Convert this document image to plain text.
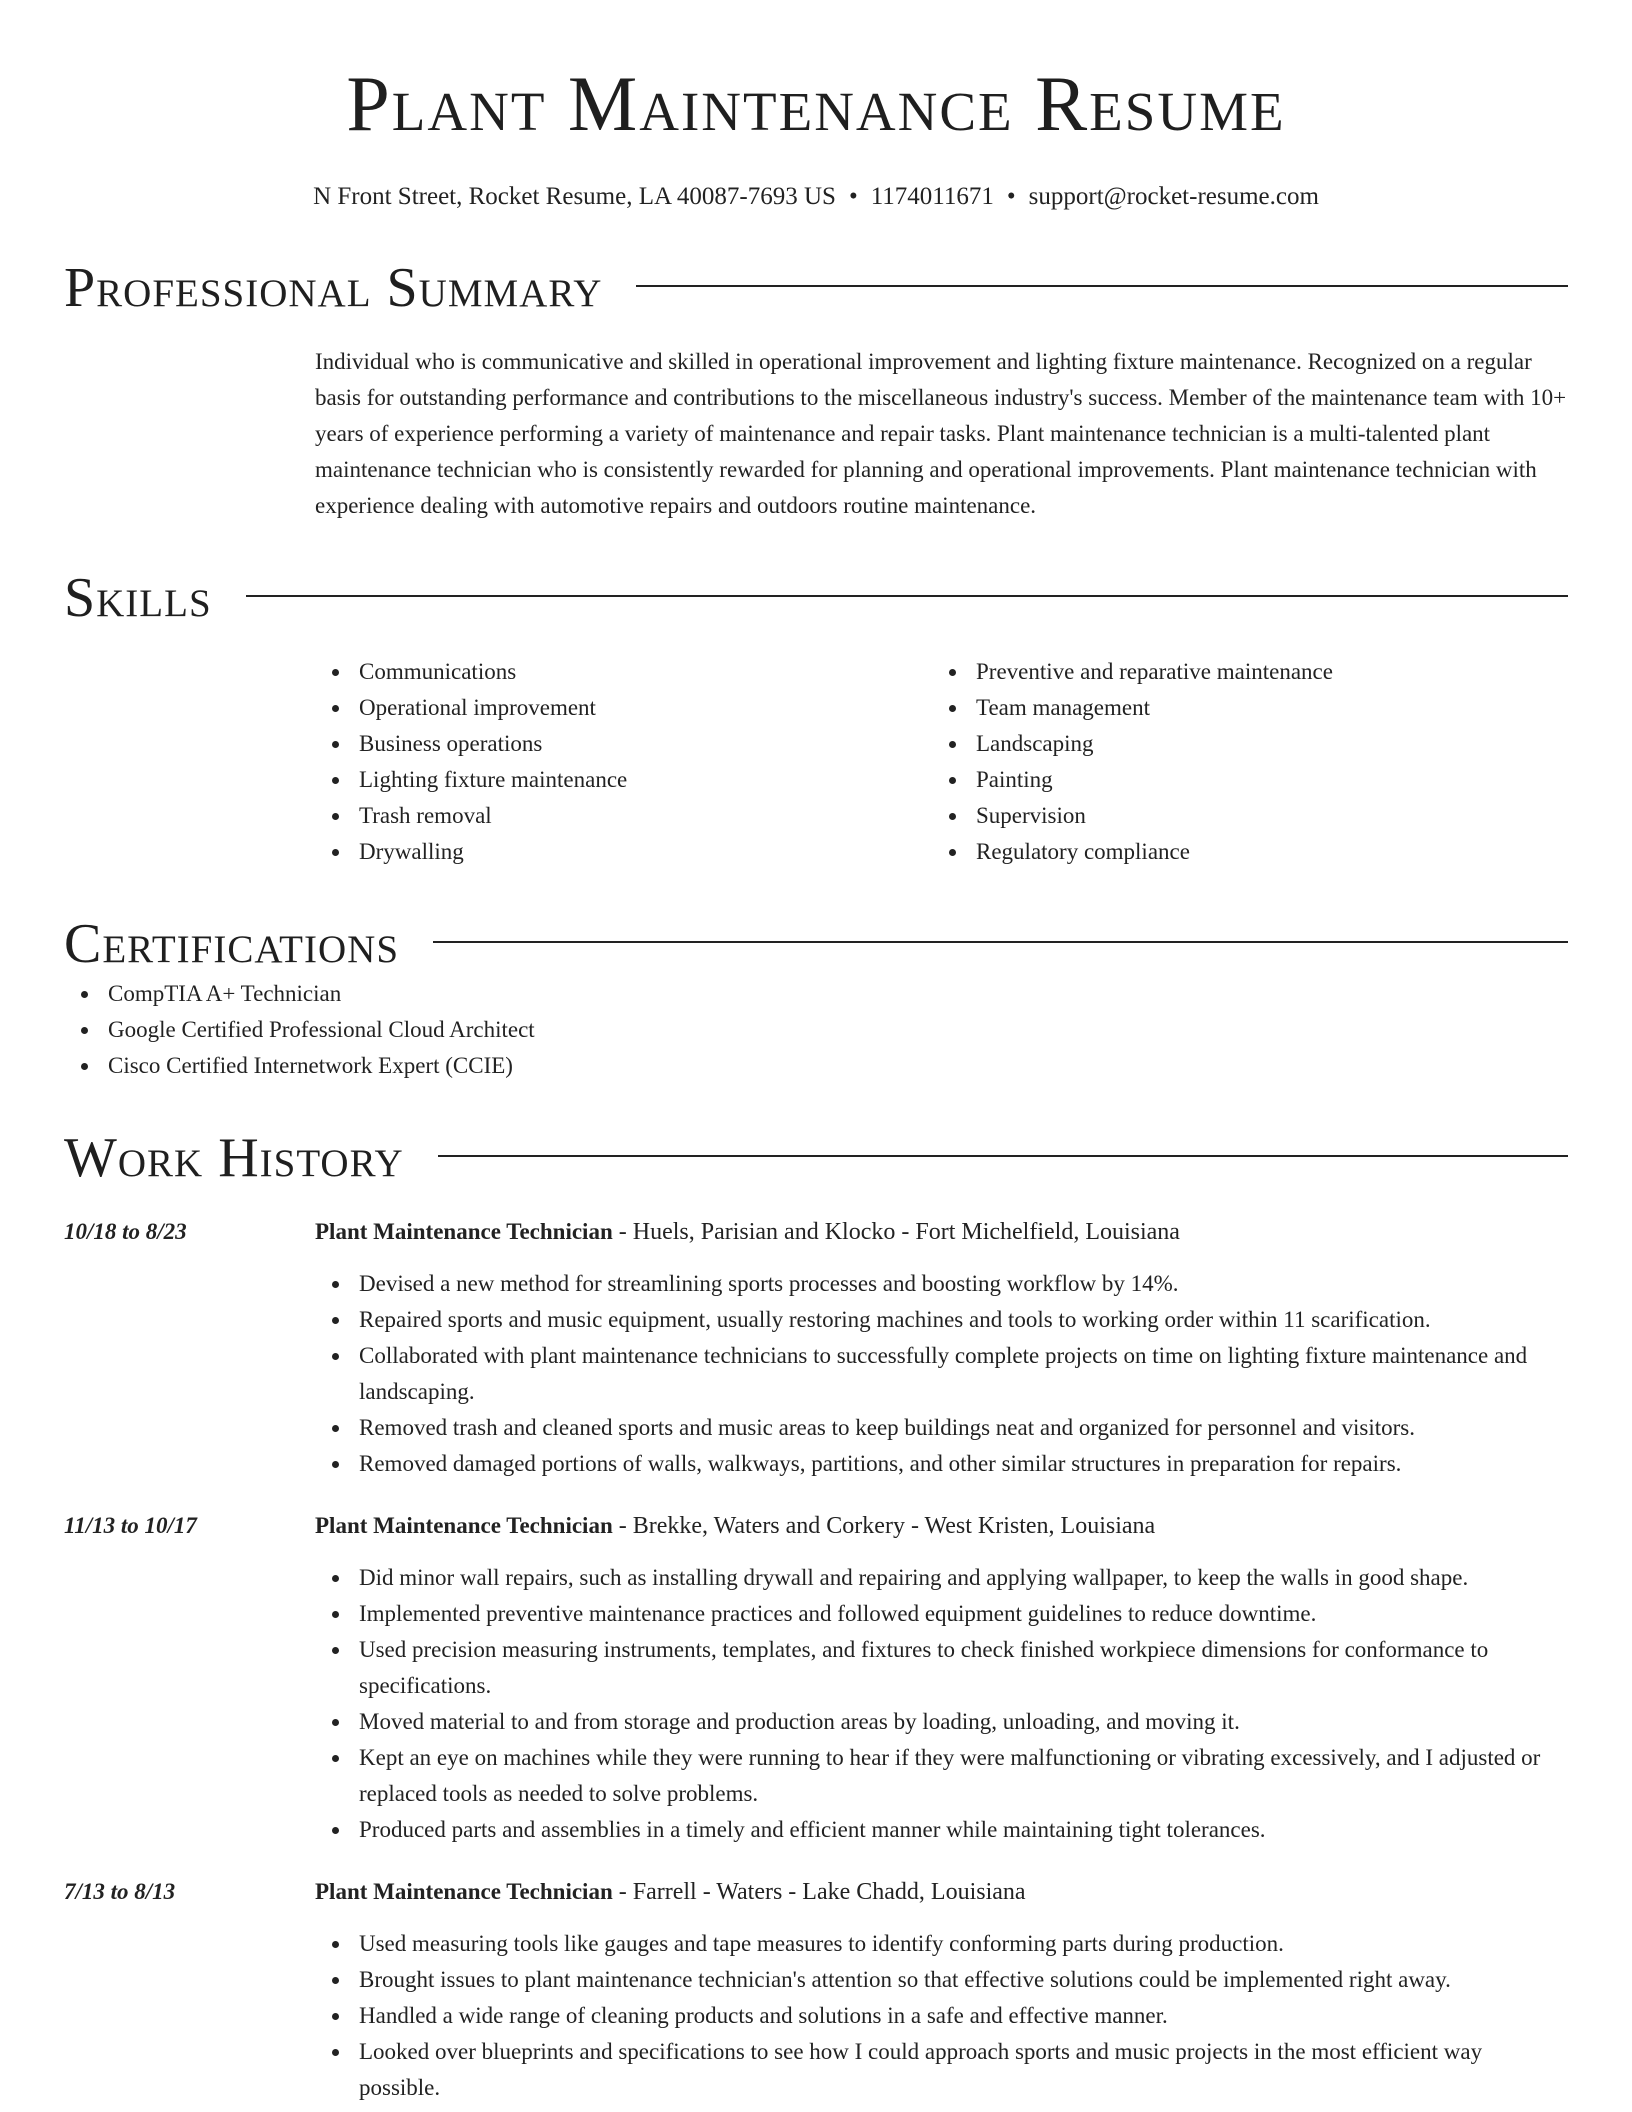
Plant Maintenance Resume
N Front Street, Rocket Resume, LA 40087-7693 US • 1174011671 • support@rocket-resume.com
Professional Summary
Individual who is communicative and skilled in operational improvement and lighting fixture maintenance. Recognized on a regular basis for outstanding performance and contributions to the miscellaneous industry's success. Member of the maintenance team with 10+ years of experience performing a variety of maintenance and repair tasks. Plant maintenance technician is a multi-talented plant maintenance technician who is consistently rewarded for planning and operational improvements. Plant maintenance technician with experience dealing with automotive repairs and outdoors routine maintenance.
Skills
Communications
Operational improvement
Business operations
Lighting fixture maintenance
Trash removal
Drywalling
Preventive and reparative maintenance
Team management
Landscaping
Painting
Supervision
Regulatory compliance
Certifications
CompTIA A+ Technician
Google Certified Professional Cloud Architect
Cisco Certified Internetwork Expert (CCIE)
Work History
10/18 to 8/23	Plant Maintenance Technician - Huels, Parisian and Klocko - Fort Michelfield, Louisiana
Devised a new method for streamlining sports processes and boosting workflow by 14%.
Repaired sports and music equipment, usually restoring machines and tools to working order within 11 scarification.
Collaborated with plant maintenance technicians to successfully complete projects on time on lighting fixture maintenance and landscaping.
Removed trash and cleaned sports and music areas to keep buildings neat and organized for personnel and visitors.
Removed damaged portions of walls, walkways, partitions, and other similar structures in preparation for repairs.
11/13 to 10/17	Plant Maintenance Technician - Brekke, Waters and Corkery - West Kristen, Louisiana
Did minor wall repairs, such as installing drywall and repairing and applying wallpaper, to keep the walls in good shape.
Implemented preventive maintenance practices and followed equipment guidelines to reduce downtime.
Used precision measuring instruments, templates, and fixtures to check finished workpiece dimensions for conformance to specifications.
Moved material to and from storage and production areas by loading, unloading, and moving it.
Kept an eye on machines while they were running to hear if they were malfunctioning or vibrating excessively, and I adjusted or replaced tools as needed to solve problems.
Produced parts and assemblies in a timely and efficient manner while maintaining tight tolerances.
7/13 to 8/13	Plant Maintenance Technician - Farrell - Waters - Lake Chadd, Louisiana
Used measuring tools like gauges and tape measures to identify conforming parts during production.
Brought issues to plant maintenance technician's attention so that effective solutions could be implemented right away.
Handled a wide range of cleaning products and solutions in a safe and effective manner.
Looked over blueprints and specifications to see how I could approach sports and music projects in the most efficient way possible.
